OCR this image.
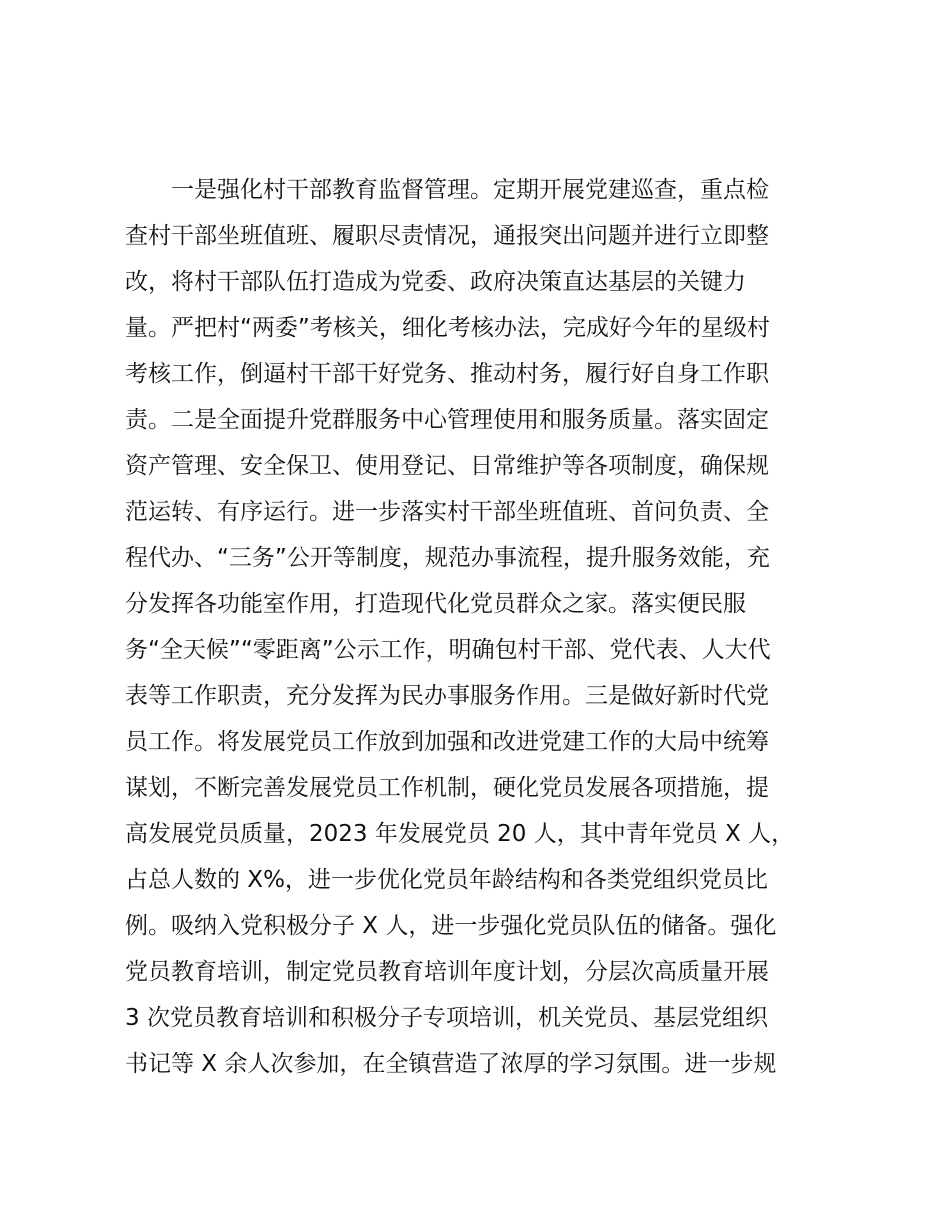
　　一是强化村干部教育监督管理。定期开展党建巡查，重点检
查村干部坐班值班、履职尽责情况，通报突出问题并进行立即整
改，将村干部队伍打造成为党委、政府决策直达基层的关键力
量。严把村“两委”考核关，细化考核办法，完成好今年的星级村
考核工作，倒逼村干部干好党务、推动村务，履行好自身工作职
责。二是全面提升党群服务中心管理使用和服务质量。落实固定
资产管理、安全保卫、使用登记、日常维护等各项制度，确保规
范运转、有序运行。进一步落实村干部坐班值班、首问负责、全
程代办、“三务”公开等制度，规范办事流程，提升服务效能，充
分发挥各功能室作用，打造现代化党员群众之家。落实便民服
务“全天候”“零距离”公示工作，明确包村干部、党代表、人大代
表等工作职责，充分发挥为民办事服务作用。三是做好新时代党
员工作。将发展党员工作放到加强和改进党建工作的大局中统筹
谋划，不断完善发展党员工作机制，硬化党员发展各项措施，提
高发展党员质量，2023 年发展党员 20 人，其中青年党员 X 人，
占总人数的 X%，进一步优化党员年龄结构和各类党组织党员比
例。吸纳入党积极分子 X 人，进一步强化党员队伍的储备。强化
党员教育培训，制定党员教育培训年度计划，分层次高质量开展
3 次党员教育培训和积极分子专项培训，机关党员、基层党组织
书记等 X 余人次参加，在全镇营造了浓厚的学习氛围。进一步规
